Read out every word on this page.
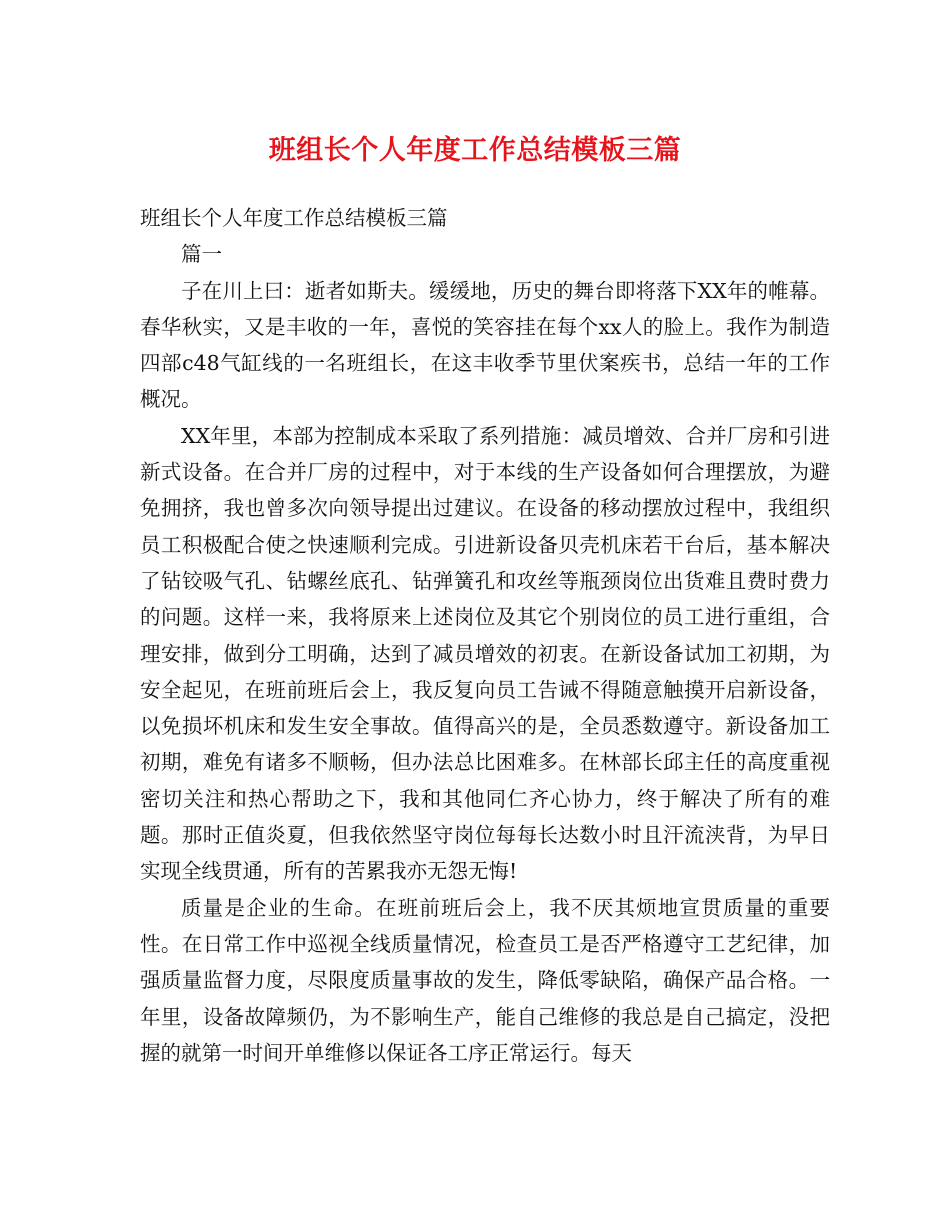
班组长个人年度工作总结模板三篇

班组长个人年度工作总结模板三篇

篇一

子在川上曰：逝者如斯夫。缓缓地，历史的舞台即将落下XX年的帷幕。春华秋实，又是丰收的一年，喜悦的笑容挂在每个xx人的脸上。我作为制造四部c48气缸线的一名班组长，在这丰收季节里伏案疾书，总结一年的工作概况。

XX年里，本部为控制成本采取了系列措施：减员增效、合并厂房和引进新式设备。在合并厂房的过程中，对于本线的生产设备如何合理摆放，为避免拥挤，我也曾多次向领导提出过建议。在设备的移动摆放过程中，我组织员工积极配合使之快速顺利完成。引进新设备贝壳机床若干台后，基本解决了钻铰吸气孔、钻螺丝底孔、钻弹簧孔和攻丝等瓶颈岗位出货难且费时费力的问题。这样一来，我将原来上述岗位及其它个别岗位的员工进行重组，合理安排，做到分工明确，达到了减员增效的初衷。在新设备试加工初期，为安全起见，在班前班后会上，我反复向员工告诫不得随意触摸开启新设备，以免损坏机床和发生安全事故。值得高兴的是，全员悉数遵守。新设备加工初期，难免有诸多不顺畅，但办法总比困难多。在林部长邱主任的高度重视密切关注和热心帮助之下，我和其他同仁齐心协力，终于解决了所有的难题。那时正值炎夏，但我依然坚守岗位每每长达数小时且汗流浃背，为早日实现全线贯通，所有的苦累我亦无怨无悔!

质量是企业的生命。在班前班后会上，我不厌其烦地宣贯质量的重要性。在日常工作中巡视全线质量情况，检查员工是否严格遵守工艺纪律，加强质量监督力度，尽限度质量事故的发生，降低零缺陷，确保产品合格。一年里，设备故障频仍，为不影响生产，能自己维修的我总是自己搞定，没把握的就第一时间开单维修以保证各工序正常运行。每天
